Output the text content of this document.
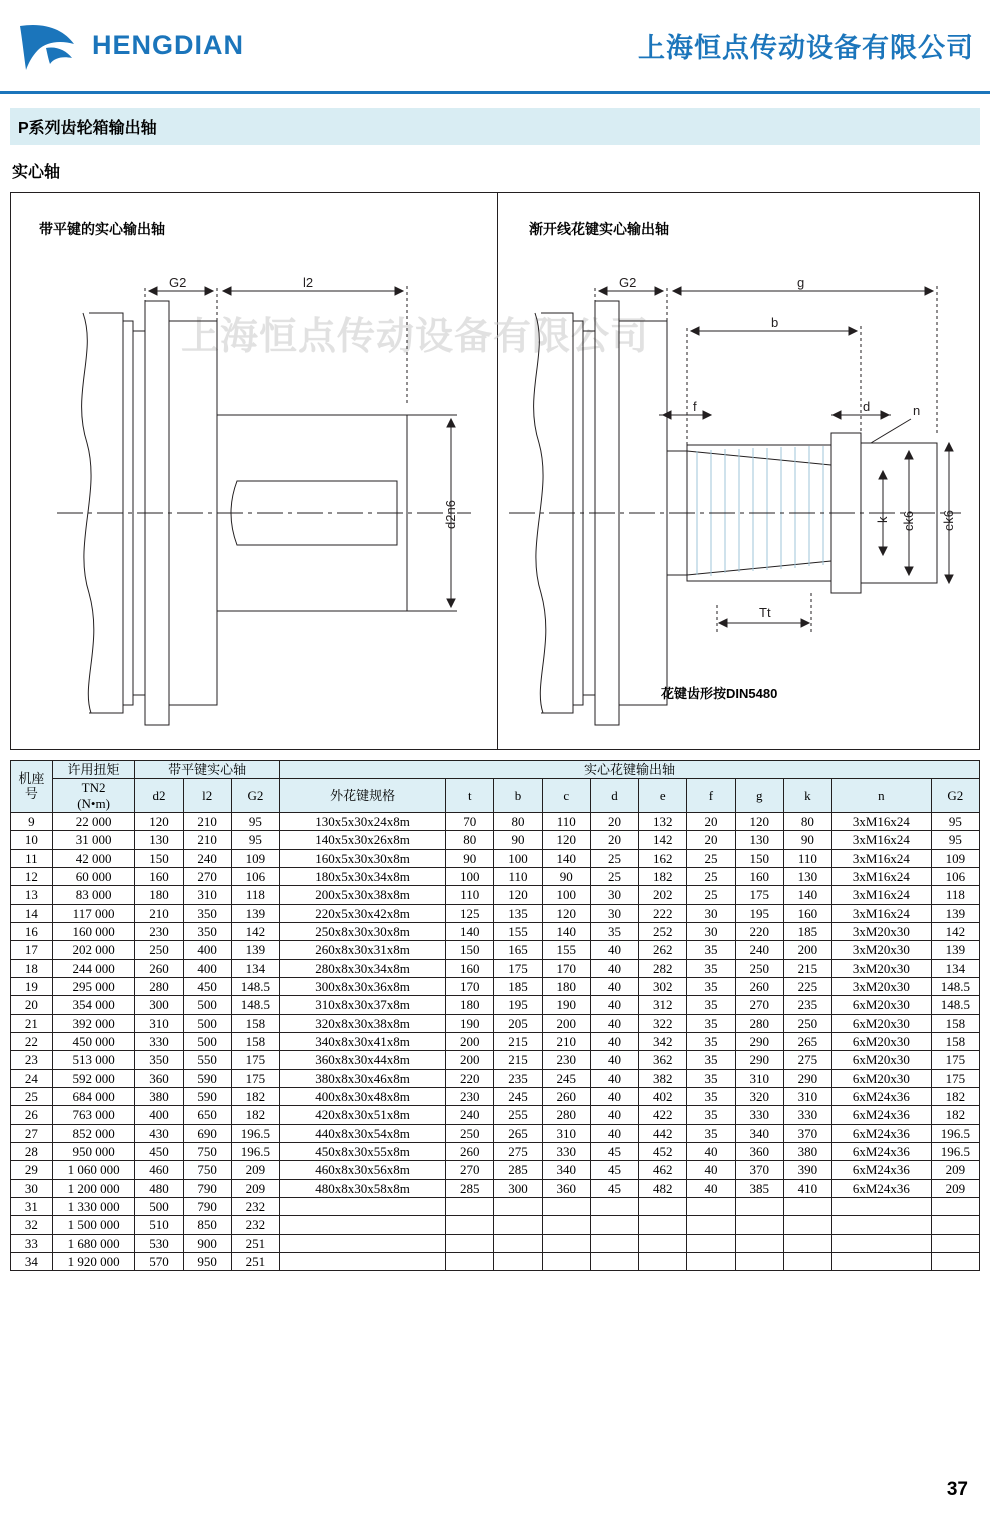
HENGDIAN	上海恒点传动设备有限公司
P系列齿轮箱输出轴
实心轴
带平键的实心输出轴	渐开线花键实心输出轴
花键齿形按DIN5480
上海恒点传动设备有限公司
G2	l2	G2	g
b
f	d	n
Tt
d2n6	k ck6 ek6
机座号	许用扭矩	带平键实心轴			实心花键输出轴										

	TN2
(N•m)	d2	l2	G2	外花键规格	t	b	c	d	e	f	g	k	n	G2
9	22 000	120	210	95	130x5x30x24x8m	70	80	110	20	132	20	120	80	3xM16x24	95
10	31 000	130	210	95	140x5x30x26x8m	80	90	120	20	142	20	130	90	3xM16x24	95
11	42 000	150	240	109	160x5x30x30x8m	90	100	140	25	162	25	150	110	3xM16x24	109
12	60 000	160	270	106	180x5x30x34x8m	100	110	90	25	182	25	160	130	3xM16x24	106
13	83 000	180	310	118	200x5x30x38x8m	110	120	100	30	202	25	175	140	3xM16x24	118
14	117 000	210	350	139	220x5x30x42x8m	125	135	120	30	222	30	195	160	3xM16x24	139
16	160 000	230	350	142	250x8x30x30x8m	140	155	140	35	252	30	220	185	3xM20x30	142
17	202 000	250	400	139	260x8x30x31x8m	150	165	155	40	262	35	240	200	3xM20x30	139
18	244 000	260	400	134	280x8x30x34x8m	160	175	170	40	282	35	250	215	3xM20x30	134
19	295 000	280	450	148.5	300x8x30x36x8m	170	185	180	40	302	35	260	225	3xM20x30	148.5
20	354 000	300	500	148.5	310x8x30x37x8m	180	195	190	40	312	35	270	235	6xM20x30	148.5
21	392 000	310	500	158	320x8x30x38x8m	190	205	200	40	322	35	280	250	6xM20x30	158
22	450 000	330	500	158	340x8x30x41x8m	200	215	210	40	342	35	290	265	6xM20x30	158
23	513 000	350	550	175	360x8x30x44x8m	200	215	230	40	362	35	290	275	6xM20x30	175
24	592 000	360	590	175	380x8x30x46x8m	220	235	245	40	382	35	310	290	6xM20x30	175
25	684 000	380	590	182	400x8x30x48x8m	230	245	260	40	402	35	320	310	6xM24x36	182
26	763 000	400	650	182	420x8x30x51x8m	240	255	280	40	422	35	330	330	6xM24x36	182
27	852 000	430	690	196.5	440x8x30x54x8m	250	265	310	40	442	35	340	370	6xM24x36	196.5
28	950 000	450	750	196.5	450x8x30x55x8m	260	275	330	45	452	40	360	380	6xM24x36	196.5
29	1 060 000	460	750	209	460x8x30x56x8m	270	285	340	45	462	40	370	390	6xM24x36	209
30	1 200 000	480	790	209	480x8x30x58x8m	285	300	360	45	482	40	385	410	6xM24x36	209
31	1 330 000	500	790	232											
32	1 500 000	510	850	232											
33	1 680 000	530	900	251											
34	1 920 000	570	950	251											
37
